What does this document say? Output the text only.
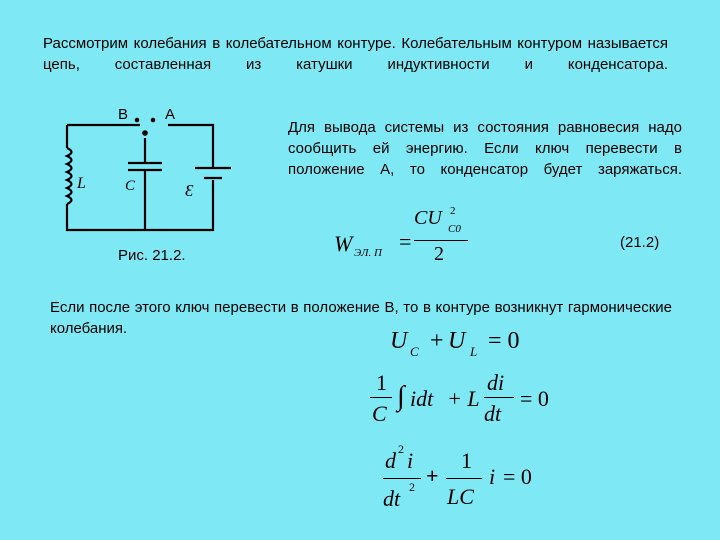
Рассмотрим колебания в колебательном контуре. Колебательным контуром называется цепь, составленная из катушки индуктивности и конденсатора.
В А
L	C	Ɛ
Рис. 21.2.
Для вывода системы из состояния равновесия надо сообщить ей энергию. Если ключ перевести в положение А, то конденсатор будет заряжаться.
W ЭЛ. П =
CU 2
C0
2
(21.2)
Если после этого ключ перевести в положение В, то в контуре возникнут гармонические колебания.	U C + U L = 0
1
C
∫ idt + L
di
dt
= 0
d 2 i
dt 2 +
1
LC
i = 0
